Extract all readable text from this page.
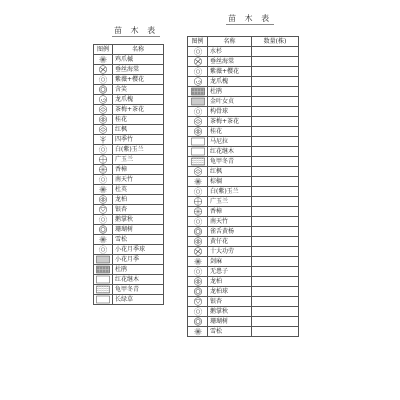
苗 木 表
图例	名称

	鸡爪槭

	垂丝海棠

	紫薇+樱花

	含笑

	龙爪槐

	茶梅+茶花

	桂花

	红枫

	四季竹

	白(紫)玉兰

	广玉兰

	香樟

	南天竹

	杜英

	龙柏

	银杏

	鹅掌秋

	珊瑚树

	雪松

	小花月季球

	小花月季

	杜鹃

	红花继木

	龟甲冬青

	长绿草
苗 木 表
图例	名称	数量(株)

	水杉	

	垂丝海棠	

	紫薇+樱花	

	龙爪槐	

	杜鹃	

	金叶女贞	

	构骨球	

	茶梅+茶花	

	桂花	

	马尼拉	

	红花继木	

	龟甲冬青	

	红枫	

	棕榈	

	白(紫)玉兰	

	广玉兰	

	香樟	

	南天竹	

	雀舌黄杨	

	黄仔花	

	十大功劳	

	剑麻	

	无患子	

	龙柏	

	龙柏球	

	银杏	

	鹅掌秋	

	珊瑚树	

	雪松	
